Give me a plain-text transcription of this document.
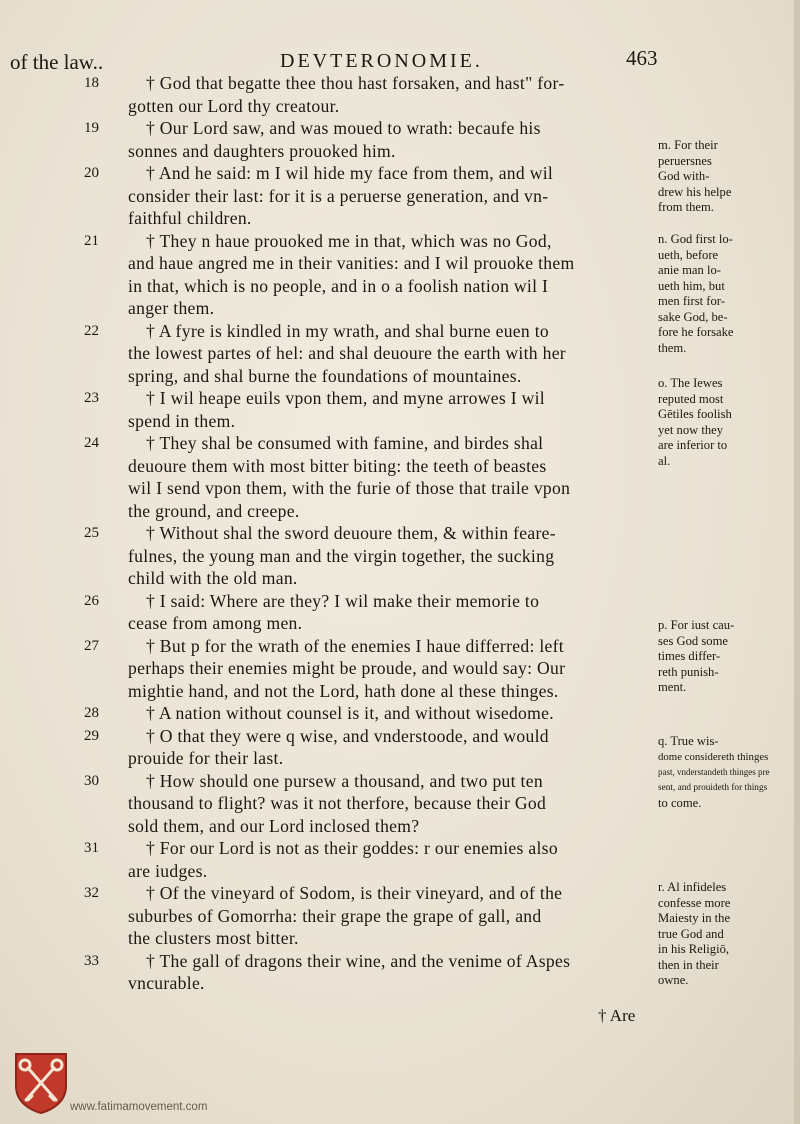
of the law..	DEVTERONOMIE.	463
18	† God that begatte thee thou hast forsaken, and hast" for-
gotten our Lord thy creatour.
19	† Our Lord saw, and was moued to wrath: becaufe his
sonnes and daughters prouoked him.
20	† And he said: m I wil hide my face from them, and wil
consider their last: for it is a peruerse generation, and vn-
faithful children.
21	† They n haue prouoked me in that, which was no God,
and haue angred me in their vanities: and I wil prouoke them
in that, which is no people, and in o a foolish nation wil I
anger them.
22	† A fyre is kindled in my wrath, and shal burne euen to
the lowest partes of hel: and shal deuoure the earth with her
spring, and shal burne the foundations of mountaines.
23	† I wil heape euils vpon them, and myne arrowes I wil
spend in them.
24	† They shal be consumed with famine, and birdes shal
deuoure them with most bitter biting: the teeth of beastes
wil I send vpon them, with the furie of those that traile vpon
the ground, and creepe.
25	† Without shal the sword deuoure them, & within feare-
fulnes, the young man and the virgin together, the sucking
child with the old man.
26	† I said: Where are they? I wil make their memorie to
cease from among men.
27	† But p for the wrath of the enemies I haue differred: left
perhaps their enemies might be proude, and would say: Our
mightie hand, and not the Lord, hath done al these thinges.
28	† A nation without counsel is it, and without wisedome.
29	† O that they were q wise, and vnderstoode, and would
prouide for their last.
30	† How should one pursew a thousand, and two put ten
thousand to flight? was it not therfore, because their God
sold them, and our Lord inclosed them?
31	† For our Lord is not as their goddes: r our enemies also
are iudges.
32	† Of the vineyard of Sodom, is their vineyard, and of the
suburbes of Gomorrha: their grape the grape of gall, and
the clusters most bitter.
33	† The gall of dragons their wine, and the venime of Aspes
vncurable.
m. For their
peruersnes
God with-
drew his helpe
from them.
n. God first lo-
ueth, before
anie man lo-
ueth him, but
men first for-
sake God, be-
fore he forsake
them.
o. The Iewes
reputed most
Gētiles foolish
yet now they
are inferior to
al.
p. For iust cau-
ses God some
times differ-
reth punish-
ment.
q. True wis-
dome considereth thinges
past, vnderstandeth thinges pre
sent, and prouideth for things
to come.
r. Al infideles
confesse more
Maiesty in the
true God and
in his Religiō,
then in their
owne.
† Are
www.fatimamovement.com
